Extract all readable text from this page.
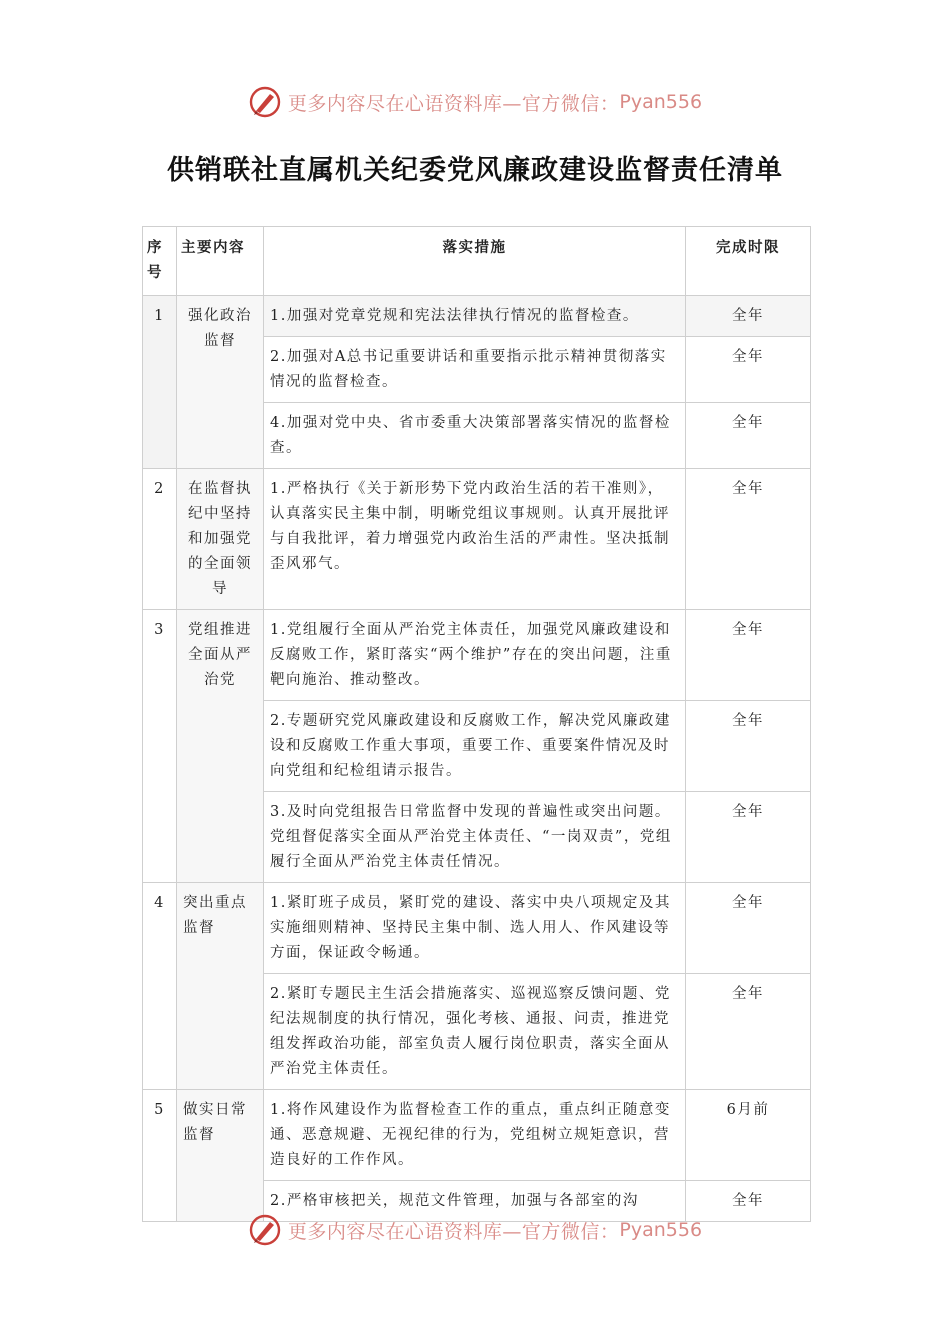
更多内容尽在心语资料库—官方微信： Pyan556
供销联社直属机关纪委党风廉政建设监督责任清单
序号	主要内容	落实措施	完成时限
1	强化政治监督	1.加强对党章党规和宪法法律执行情况的监督检查。	全年
		2.加强对A总书记重要讲话和重要指示批示精神贯彻落实情况的监督检查。	全年
		4.加强对党中央、省市委重大决策部署落实情况的监督检查。	全年
2	在监督执纪中坚持和加强党的全面领导	1.严格执行《关于新形势下党内政治生活的若干准则》，认真落实民主集中制，明晰党组议事规则。认真开展批评与自我批评，着力增强党内政治生活的严肃性。坚决抵制歪风邪气。	全年
3	党组推进全面从严治党	1.党组履行全面从严治党主体责任，加强党风廉政建设和反腐败工作，紧盯落实“两个维护”存在的突出问题，注重靶向施治、推动整改。	全年
		2.专题研究党风廉政建设和反腐败工作，解决党风廉政建设和反腐败工作重大事项，重要工作、重要案件情况及时向党组和纪检组请示报告。	全年
		3.及时向党组报告日常监督中发现的普遍性或突出问题。党组督促落实全面从严治党主体责任、“一岗双责”，党组履行全面从严治党主体责任情况。	全年
4	突出重点监督	1.紧盯班子成员，紧盯党的建设、落实中央八项规定及其实施细则精神、坚持民主集中制、选人用人、作风建设等方面，保证政令畅通。	全年
		2.紧盯专题民主生活会措施落实、巡视巡察反馈问题、党纪法规制度的执行情况，强化考核、通报、问责，推进党组发挥政治功能，部室负责人履行岗位职责，落实全面从严治党主体责任。	全年
5	做实日常监督	1.将作风建设作为监督检查工作的重点，重点纠正随意变通、恶意规避、无视纪律的行为，党组树立规矩意识，营造良好的工作作风。	6月前
		2.严格审核把关，规范文件管理，加强与各部室的沟	全年
更多内容尽在心语资料库—官方微信： Pyan556
